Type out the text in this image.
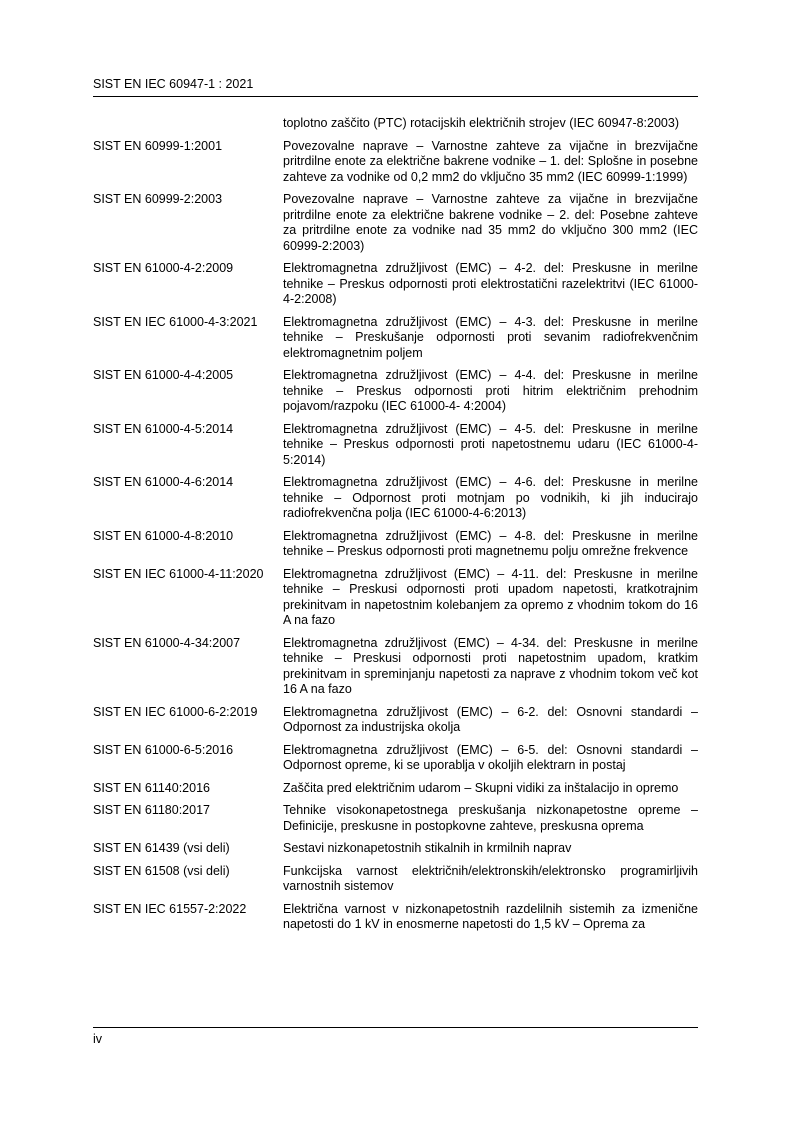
SIST EN IEC 60947-1 : 2021
toplotno zaščito (PTC) rotacijskih električnih strojev (IEC 60947-8:2003)
SIST EN 60999-1:2001	Povezovalne naprave – Varnostne zahteve za vijačne in brezvijačne pritrdilne enote za električne bakrene vodnike – 1. del: Splošne in posebne zahteve za vodnike od 0,2 mm2 do vključno 35 mm2 (IEC 60999-1:1999)
SIST EN 60999-2:2003	Povezovalne naprave – Varnostne zahteve za vijačne in brezvijačne pritrdilne enote za električne bakrene vodnike – 2. del: Posebne zahteve za pritrdilne enote za vodnike nad 35 mm2 do vključno 300 mm2 (IEC 60999-2:2003)
SIST EN 61000-4-2:2009	Elektromagnetna združljivost (EMC) – 4-2. del: Preskusne in merilne tehnike – Preskus odpornosti proti elektrostatični razelektritvi (IEC 61000-4-2:2008)
SIST EN IEC 61000-4-3:2021	Elektromagnetna združljivost (EMC) – 4-3. del: Preskusne in merilne tehnike – Preskušanje odpornosti proti sevanim radiofrekvenčnim elektromagnetnim poljem
SIST EN 61000-4-4:2005	Elektromagnetna združljivost (EMC) – 4-4. del: Preskusne in merilne tehnike – Preskus odpornosti proti hitrim električnim prehodnim pojavom/razpoku (IEC 61000-4- 4:2004)
SIST EN 61000-4-5:2014	Elektromagnetna združljivost (EMC) – 4-5. del: Preskusne in merilne tehnike – Preskus odpornosti proti napetostnemu udaru (IEC 61000-4-5:2014)
SIST EN 61000-4-6:2014	Elektromagnetna združljivost (EMC) – 4-6. del: Preskusne in merilne tehnike – Odpornost proti motnjam po vodnikih, ki jih inducirajo radiofrekvenčna polja (IEC 61000-4-6:2013)
SIST EN 61000-4-8:2010	Elektromagnetna združljivost (EMC) – 4-8. del: Preskusne in merilne tehnike – Preskus odpornosti proti magnetnemu polju omrežne frekvence
SIST EN IEC 61000-4-11:2020	Elektromagnetna združljivost (EMC) – 4-11. del: Preskusne in merilne tehnike – Preskusi odpornosti proti upadom napetosti, kratkotrajnim prekinitvam in napetostnim kolebanjem za opremo z vhodnim tokom do 16 A na fazo
SIST EN 61000-4-34:2007	Elektromagnetna združljivost (EMC) – 4-34. del: Preskusne in merilne tehnike – Preskusi odpornosti proti napetostnim upadom, kratkim prekinitvam in spreminjanju napetosti za naprave z vhodnim tokom več kot 16 A na fazo
SIST EN IEC 61000-6-2:2019	Elektromagnetna združljivost (EMC) – 6-2. del: Osnovni standardi – Odpornost za industrijska okolja
SIST EN 61000-6-5:2016	Elektromagnetna združljivost (EMC) – 6-5. del: Osnovni standardi – Odpornost opreme, ki se uporablja v okoljih elektrarn in postaj
SIST EN 61140:2016	Zaščita pred električnim udarom – Skupni vidiki za inštalacijo in opremo
SIST EN 61180:2017	Tehnike visokonapetostnega preskušanja nizkonapetostne opreme – Definicije, preskusne in postopkovne zahteve, preskusna oprema
SIST EN 61439 (vsi deli)	Sestavi nizkonapetostnih stikalnih in krmilnih naprav
SIST EN 61508 (vsi deli)	Funkcijska varnost električnih/elektronskih/elektronsko programirljivih varnostnih sistemov
SIST EN IEC 61557-2:2022	Električna varnost v nizkonapetostnih razdelilnih sistemih za izmenične napetosti do 1 kV in enosmerne napetosti do 1,5 kV – Oprema za
iv
